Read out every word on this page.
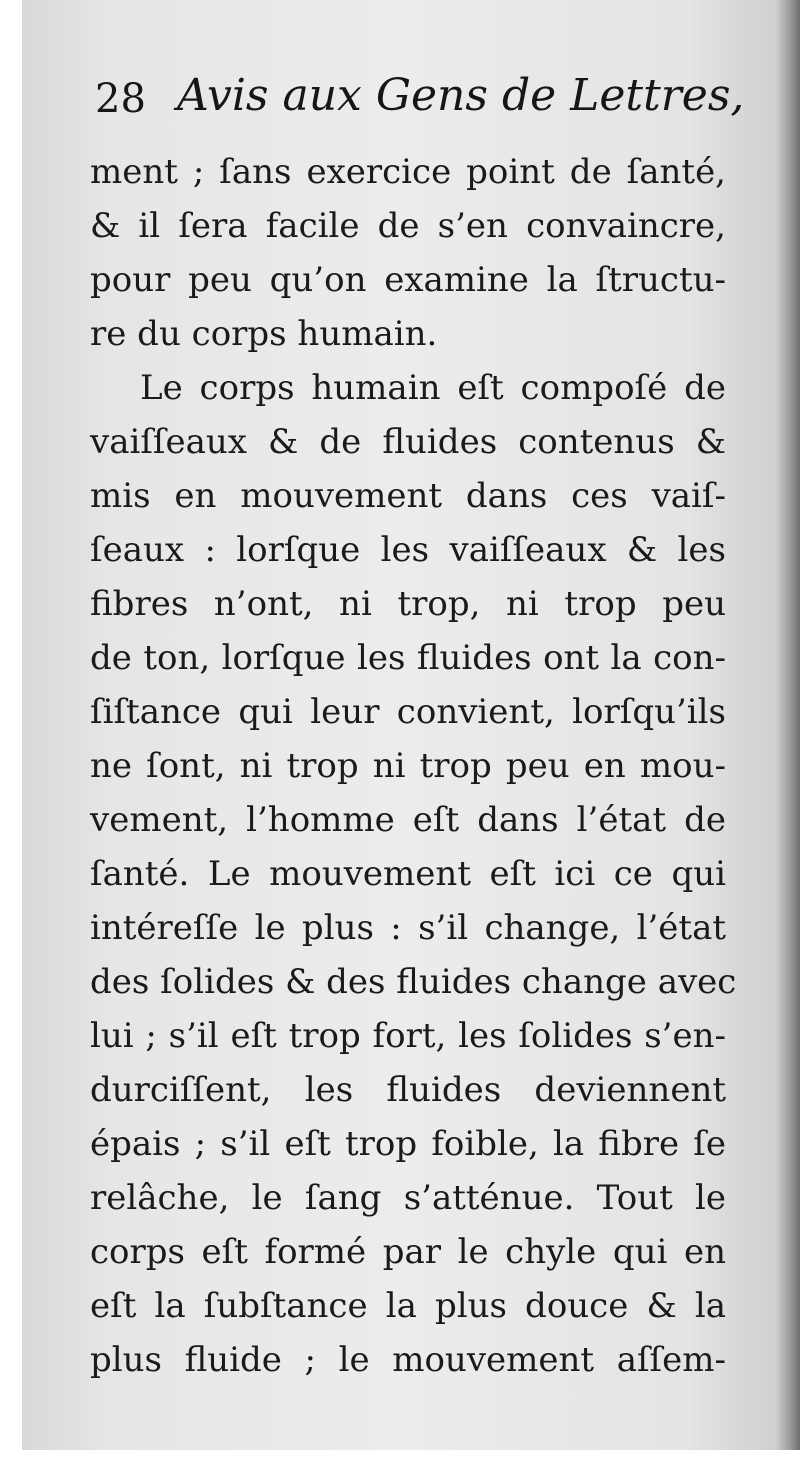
28 Avis aux Gens de Lettres,
ment ; ſans exercice point de ſanté,
& il ſera facile de s’en convaincre,
pour peu qu’on examine la ſtructu-
re du corps humain.
Le corps humain eſt compoſé de
vaiſſeaux & de fluides contenus &
mis en mouvement dans ces vaiſ-
ſeaux : lorſque les vaiſſeaux & les
fibres n’ont, ni trop, ni trop peu
de ton, lorſque les fluides ont la con-
ſiſtance qui leur convient, lorſqu’ils
ne ſont, ni trop ni trop peu en mou-
vement, l’homme eſt dans l’état de
ſanté. Le mouvement eſt ici ce qui
intéreſſe le plus : s’il change, l’état
des ſolides & des fluides change avec
lui ; s’il eſt trop fort, les ſolides s’en-
durciſſent, les fluides deviennent
épais ; s’il eſt trop foible, la fibre ſe
relâche, le ſang s’atténue. Tout le
corps eſt formé par le chyle qui en
eſt la ſubſtance la plus douce & la
plus fluide ; le mouvement aſſem-
